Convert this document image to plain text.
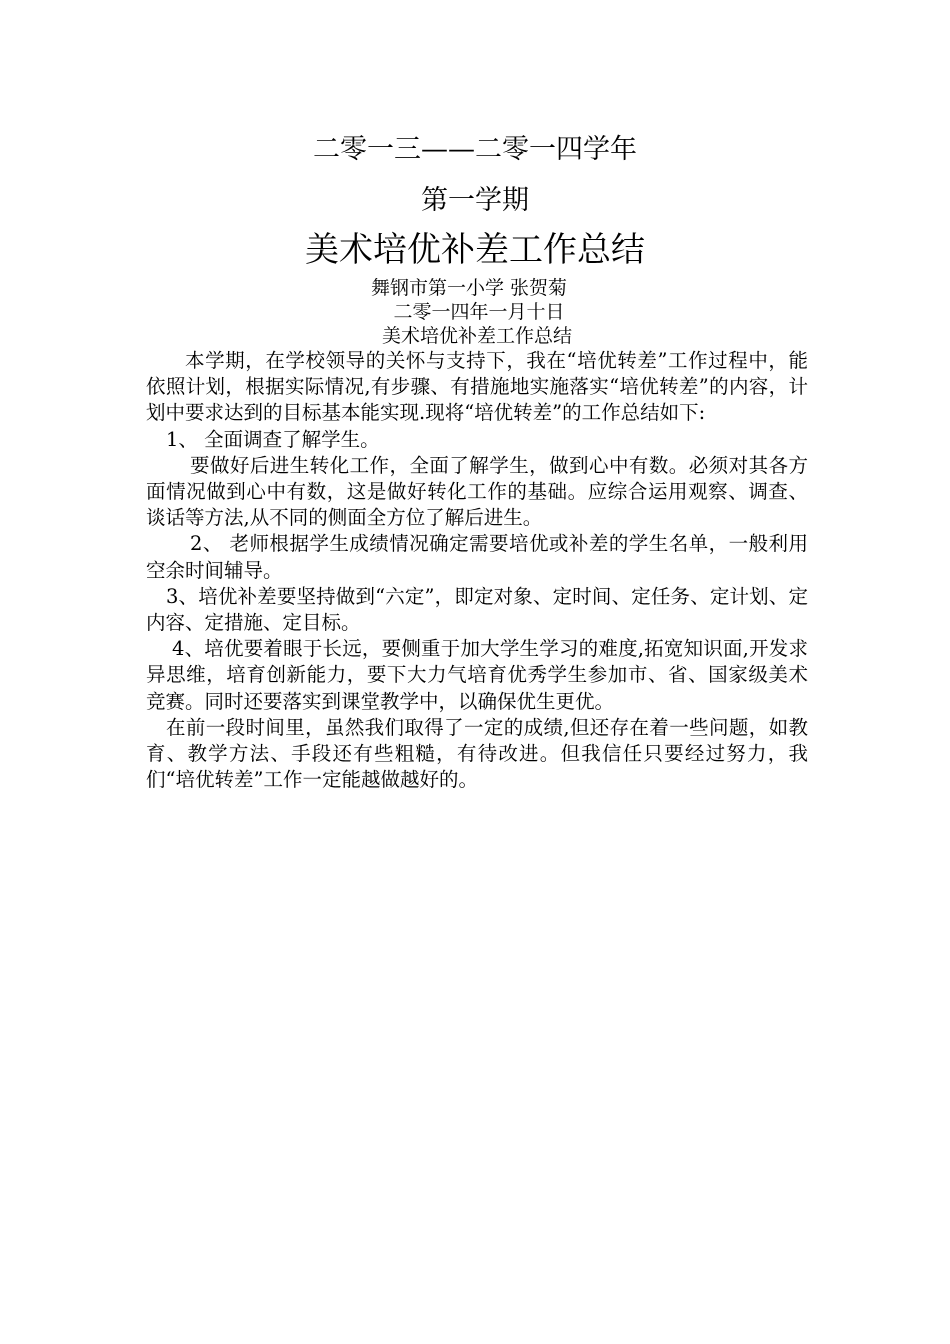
二零一三——二零一四学年
第一学期
美术培优补差工作总结
舞钢市第一小学 张贺菊
二零一四年一月十日
美术培优补差工作总结

本学期，在学校领导的关怀与支持下，我在“培优转差”工作过程中，能依照计划，根据实际情况,有步骤、有措施地实施落实“培优转差”的内容，计划中要求达到的目标基本能实现.现将“培优转差”的工作总结如下:

1、 全面调查了解学生。

要做好后进生转化工作，全面了解学生，做到心中有数。必须对其各方面情况做到心中有数，这是做好转化工作的基础。应综合运用观察、调查、谈话等方法,从不同的侧面全方位了解后进生。

2、 老师根据学生成绩情况确定需要培优或补差的学生名单，一般利用空余时间辅导。

3、培优补差要坚持做到“六定”，即定对象、定时间、定任务、定计划、定内容、定措施、定目标。

4、培优要着眼于长远，要侧重于加大学生学习的难度,拓宽知识面,开发求异思维，培育创新能力，要下大力气培育优秀学生参加市、省、国家级美术竞赛。同时还要落实到课堂教学中，以确保优生更优。

在前一段时间里，虽然我们取得了一定的成绩,但还存在着一些问题，如教育、教学方法、手段还有些粗糙，有待改进。但我信任只要经过努力，我们“培优转差”工作一定能越做越好的。
